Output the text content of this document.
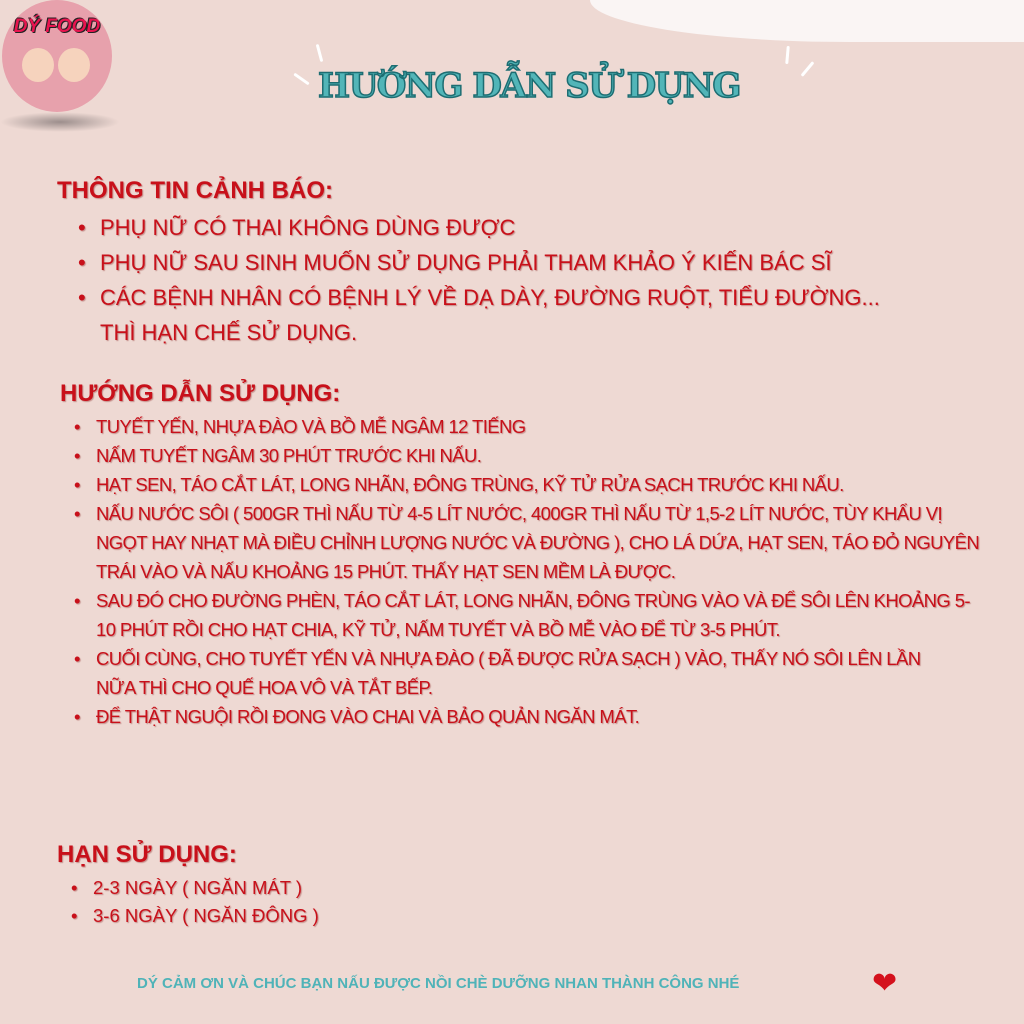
DÝ FOOD
HƯỚNG DẪN SỬ DỤNG
THÔNG TIN CẢNH BÁO:
• PHỤ NỮ CÓ THAI KHÔNG DÙNG ĐƯỢC
• PHỤ NỮ SAU SINH MUỐN SỬ DỤNG PHẢI THAM KHẢO Ý KIẾN BÁC SĨ
• CÁC BỆNH NHÂN CÓ BỆNH LÝ VỀ DẠ DÀY, ĐƯỜNG RUỘT, TIỂU ĐƯỜNG... THÌ HẠN CHẾ SỬ DỤNG.
HƯỚNG DẪN SỬ DỤNG:
• TUYẾT YẾN, NHỰA ĐÀO VÀ BỒ MỄ NGÂM 12 TIẾNG
• NẤM TUYẾT NGÂM 30 PHÚT TRƯỚC KHI NẤU.
• HẠT SEN, TÁO CẮT LÁT, LONG NHÃN, ĐÔNG TRÙNG, KỸ TỬ RỬA SẠCH TRƯỚC KHI NẤU.
• NẤU NƯỚC SÔI ( 500GR THÌ NẤU TỪ 4-5 LÍT NƯỚC, 400GR THÌ NẤU TỪ 1,5-2 LÍT NƯỚC, TÙY KHẨU VỊ NGỌT HAY NHẠT MÀ ĐIỀU CHỈNH LƯỢNG NƯỚC VÀ ĐƯỜNG ), CHO LÁ DỨA, HẠT SEN, TÁO ĐỎ NGUYÊN TRÁI VÀO VÀ NẤU KHOẢNG 15 PHÚT. THẤY HẠT SEN MỀM LÀ ĐƯỢC.
• SAU ĐÓ CHO ĐƯỜNG PHÈN, TÁO CẮT LÁT, LONG NHÃN, ĐÔNG TRÙNG VÀO VÀ ĐỂ SÔI LÊN KHOẢNG 5-10 PHÚT RỒI CHO HẠT CHIA, KỸ TỬ, NẤM TUYẾT VÀ BỒ MỄ VÀO ĐỂ TỪ 3-5 PHÚT.
• CUỐI CÙNG, CHO TUYẾT YẾN VÀ NHỰA ĐÀO ( ĐÃ ĐƯỢC RỬA SẠCH ) VÀO, THẤY NÓ SÔI LÊN LẦN NỮA THÌ CHO QUẾ HOA VÔ VÀ TẮT BẾP.
• ĐỂ THẬT NGUỘI RỒI ĐONG VÀO CHAI VÀ BẢO QUẢN NGĂN MÁT.
HẠN SỬ DỤNG:
• 2-3 NGÀY ( NGĂN MÁT )
• 3-6 NGÀY ( NGĂN ĐÔNG )
DÝ CẢM ƠN VÀ CHÚC BẠN NẤU ĐƯỢC NỒI CHÈ DƯỠNG NHAN THÀNH CÔNG NHÉ	❤
